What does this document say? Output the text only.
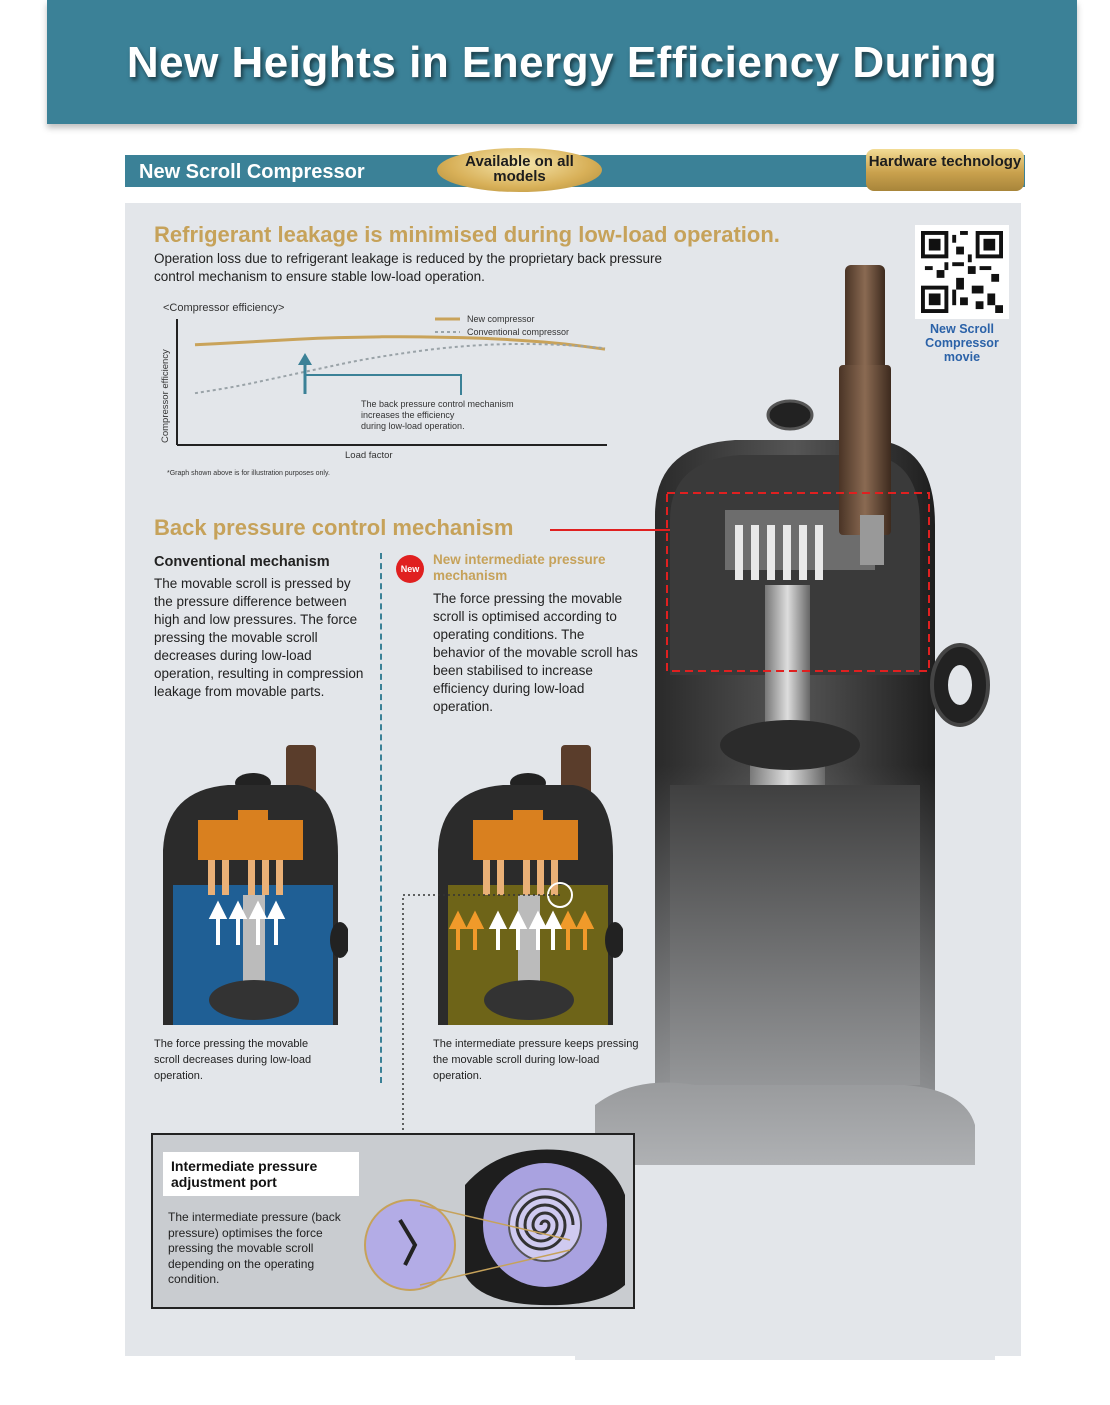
New Heights in Energy Efficiency During
New Scroll Compressor	Available on all models
Hardware technology
Refrigerant leakage is minimised during low-load operation.
Operation loss due to refrigerant leakage is reduced by the proprietary back pressure control mechanism to ensure stable low-load operation.
New Scroll Compressor movie
<Compressor efficiency>
Compressor efficiency
Load factor
New compressor
Conventional compressor
The back pressure control mechanism increases the efficiency during low-load operation.
*Graph shown above is for illustration purposes only.
Back pressure control mechanism
Conventional mechanism
The movable scroll is pressed by the pressure difference between high and low pressures. The force pressing the movable scroll decreases during low-load operation, resulting in compression leakage from movable parts.
New
New intermediate pressure mechanism
The force pressing the movable scroll is optimised according to operating conditions. The behavior of the movable scroll has been stabilised to increase efficiency during low-load operation.
The force pressing the movable scroll decreases during low-load operation.
The intermediate pressure keeps pressing the movable scroll during low-load operation.
Intermediate pressure adjustment port
The intermediate pressure (back pressure) optimises the force pressing the movable scroll depending on the operating condition.
